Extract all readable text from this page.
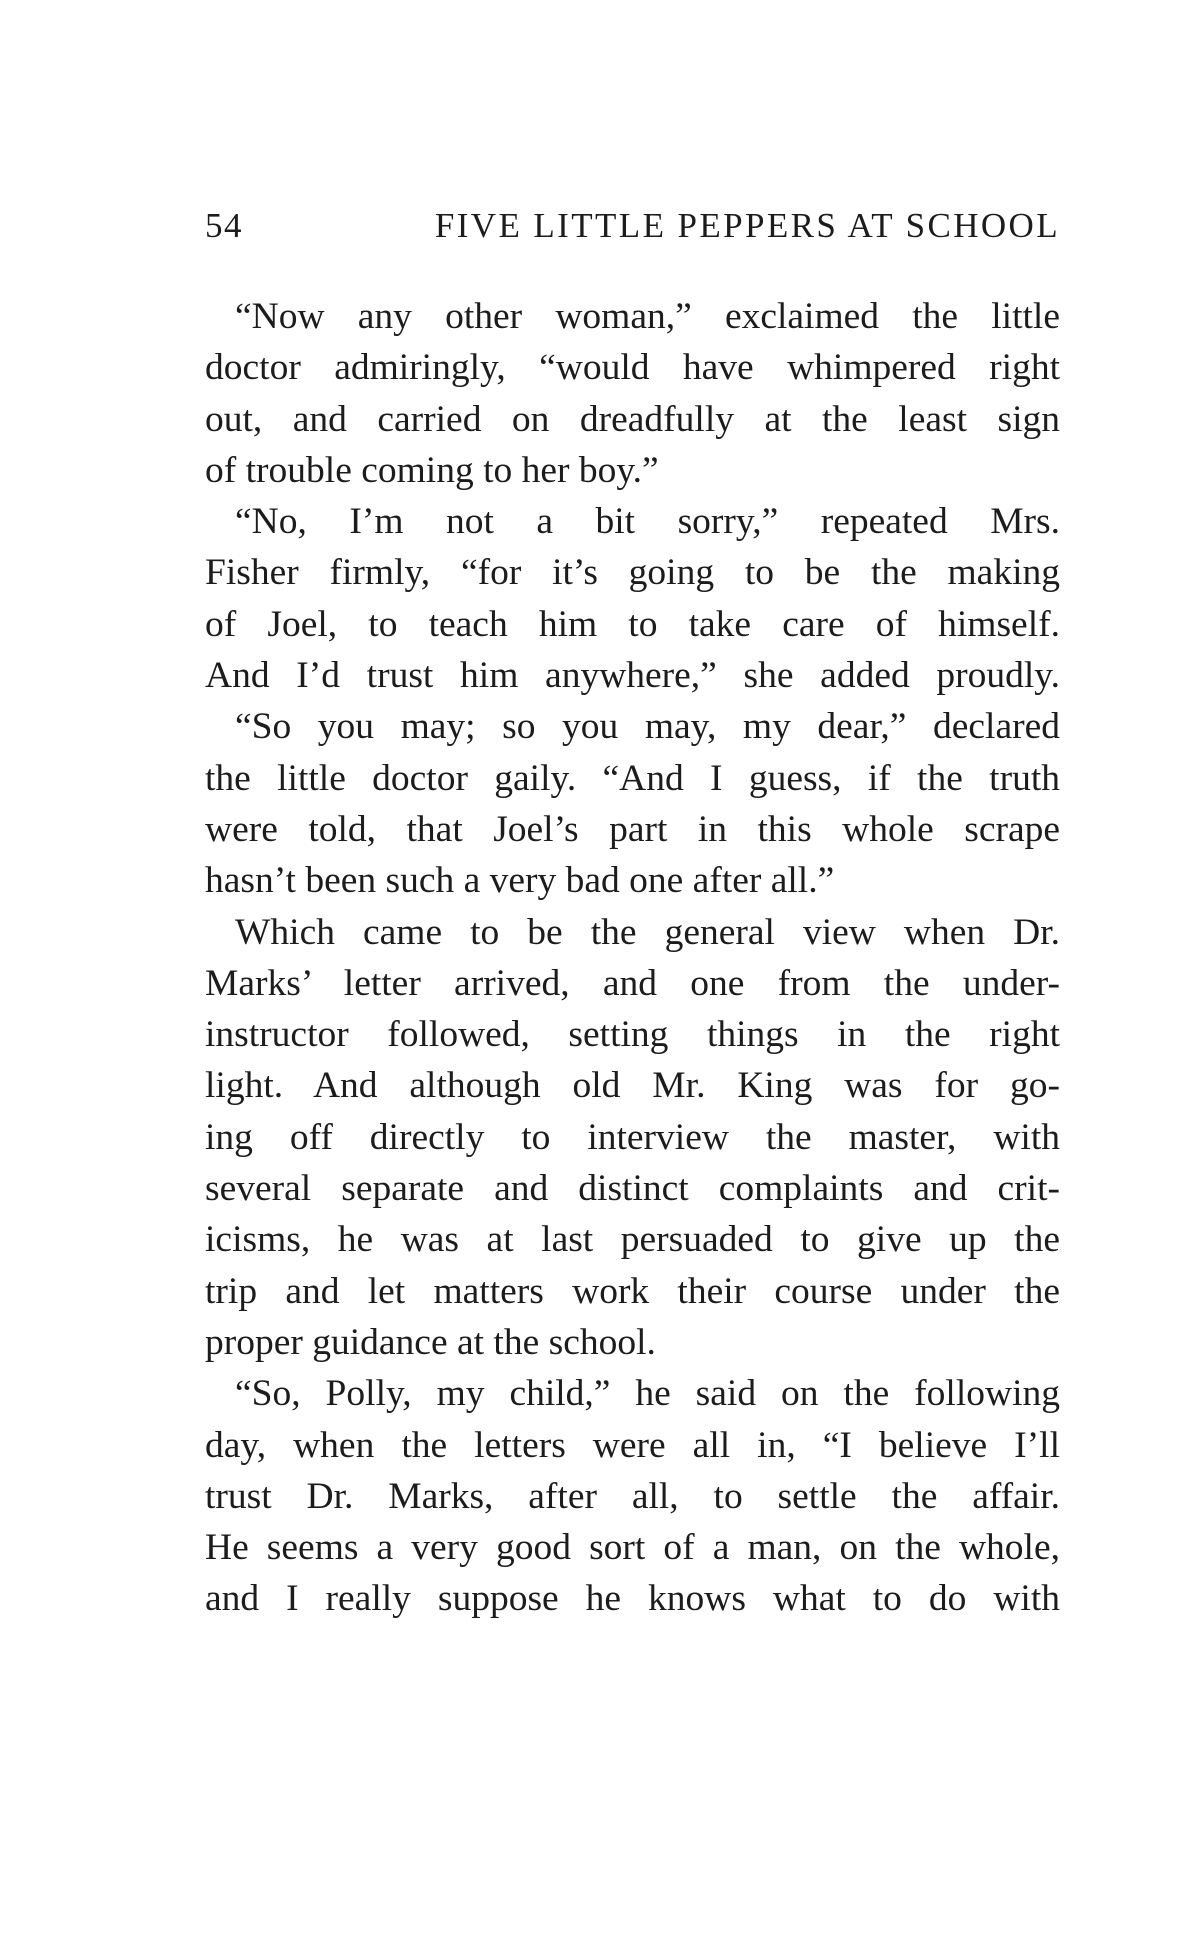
54	FIVE LITTLE PEPPERS AT SCHOOL
“Now any other woman,” exclaimed the little
doctor admiringly, “would have whimpered right
out, and carried on dreadfully at the least sign
of trouble coming to her boy.”
“No, I’m not a bit sorry,” repeated Mrs.
Fisher firmly, “for it’s going to be the making
of Joel, to teach him to take care of himself.
And I’d trust him anywhere,” she added proudly.
“So you may; so you may, my dear,” declared
the little doctor gaily. “And I guess, if the truth
were told, that Joel’s part in this whole scrape
hasn’t been such a very bad one after all.”
Which came to be the general view when Dr.
Marks’ letter arrived, and one from the under-
instructor followed, setting things in the right
light. And although old Mr. King was for go-
ing off directly to interview the master, with
several separate and distinct complaints and crit-
icisms, he was at last persuaded to give up the
trip and let matters work their course under the
proper guidance at the school.
“So, Polly, my child,” he said on the following
day, when the letters were all in, “I believe I’ll
trust Dr. Marks, after all, to settle the affair.
He seems a very good sort of a man, on the whole,
and I really suppose he knows what to do with
